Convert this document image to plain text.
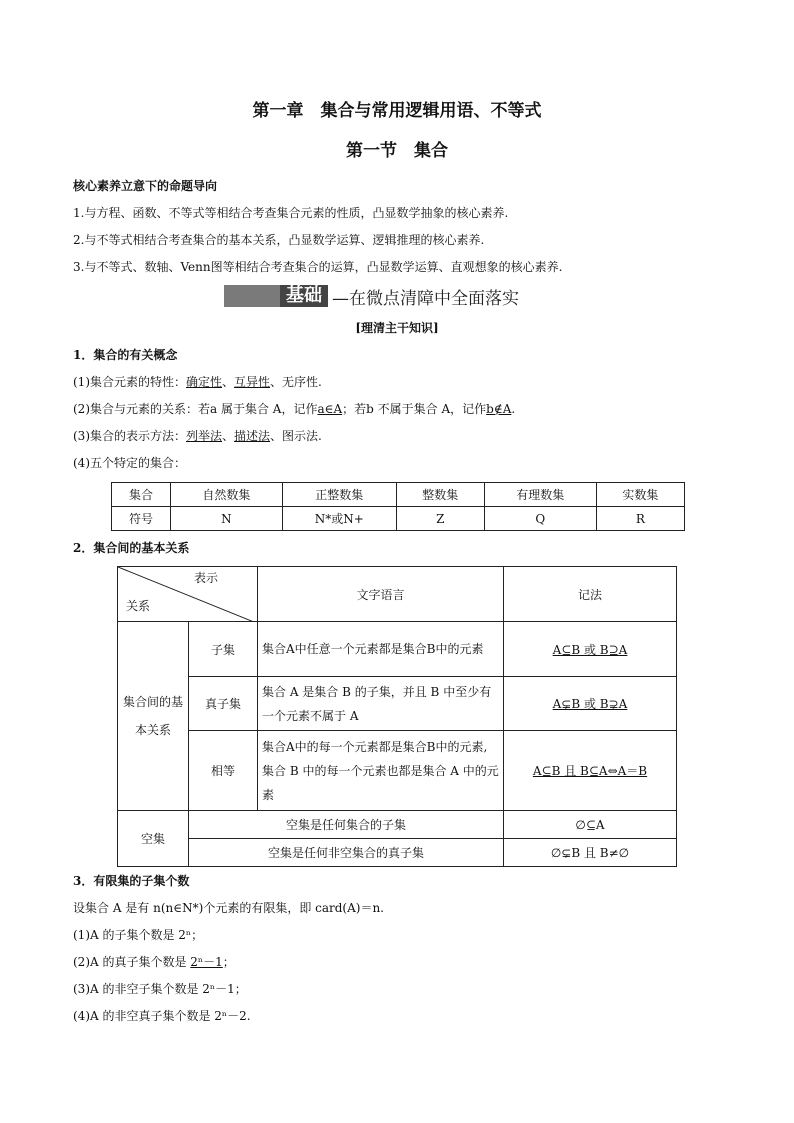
第一章　集合与常用逻辑用语、不等式
第一节　集合
核心素养立意下的命题导向
1.与方程、函数、不等式等相结合考查集合元素的性质，凸显数学抽象的核心素养.
2.与不等式相结合考查集合的基本关系，凸显数学运算、逻辑推理的核心素养.
3.与不等式、数轴、Venn图等相结合考查集合的运算，凸显数学运算、直观想象的核心素养.
基础 —在微点清障中全面落实
[理清主干知识]
1．集合的有关概念
(1)集合元素的特性：确定性、互异性、无序性.
(2)集合与元素的关系：若a 属于集合 A，记作a∈A；若b 不属于集合 A，记作b∉A.
(3)集合的表示方法：列举法、描述法、图示法.
(4)五个特定的集合：
集合	自然数集	正整数集	整数集	有理数集	实数集
符号	N	N*或N+	Z	Q	R
2．集合间的基本关系
表示
关系		文字语言	记法
集合间的基本关系	子集	集合A中任意一个元素都是集合B中的元素	A⊆B 或 B⊇A
	真子集	集合 A 是集合 B 的子集，并且 B 中至少有一个元素不属于 A	A⊊B 或 B⊋A
	相等	集合A中的每一个元素都是集合B中的元素,集合 B 中的每一个元素也都是集合 A 中的元素	A⊆B 且 B⊆A⇔A＝B
空集	空集是任何集合的子集		∅⊆A
	空集是任何非空集合的真子集		∅⊊B 且 B≠∅
3．有限集的子集个数
设集合 A 是有 n(n∈N*)个元素的有限集，即 card(A)＝n.
(1)A 的子集个数是 2ⁿ；
(2)A 的真子集个数是 2ⁿ－1；
(3)A 的非空子集个数是 2ⁿ－1；
(4)A 的非空真子集个数是 2ⁿ－2.
